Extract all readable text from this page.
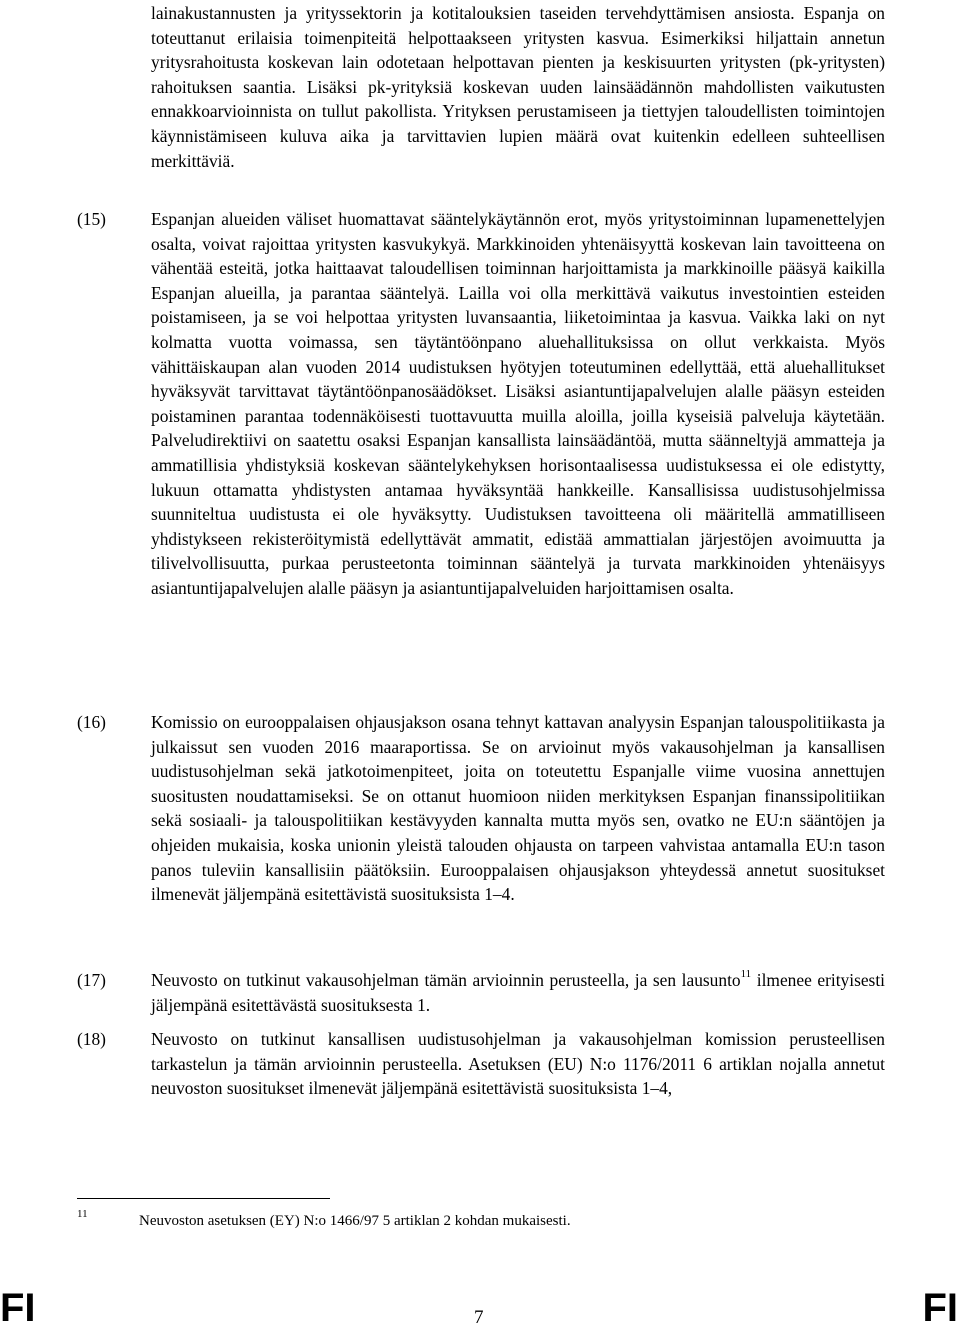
lainakustannusten ja yrityssektorin ja kotitalouksien taseiden tervehdyttämisen ansiosta. Espanja on toteuttanut erilaisia toimenpiteitä helpottaakseen yritysten kasvua. Esimerkiksi hiljattain annetun yritysrahoitusta koskevan lain odotetaan helpottavan pienten ja keskisuurten yritysten (pk-yritysten) rahoituksen saantia. Lisäksi pk-yrityksiä koskevan uuden lainsäädännön mahdollisten vaikutusten ennakkoarvioinnista on tullut pakollista. Yrityksen perustamiseen ja tiettyjen taloudellisten toimintojen käynnistämiseen kuluva aika ja tarvittavien lupien määrä ovat kuitenkin edelleen suhteellisen merkittäviä.

(15)	Espanjan alueiden väliset huomattavat sääntelykäytännön erot, myös yritystoiminnan lupamenettelyjen osalta, voivat rajoittaa yritysten kasvukykyä. Markkinoiden yhtenäisyyttä koskevan lain tavoitteena on vähentää esteitä, jotka haittaavat taloudellisen toiminnan harjoittamista ja markkinoille pääsyä kaikilla Espanjan alueilla, ja parantaa sääntelyä. Lailla voi olla merkittävä vaikutus investointien esteiden poistamiseen, ja se voi helpottaa yritysten luvansaantia, liiketoimintaa ja kasvua. Vaikka laki on nyt kolmatta vuotta voimassa, sen täytäntöönpano aluehallituksissa on ollut verkkaista. Myös vähittäiskaupan alan vuoden 2014 uudistuksen hyötyjen toteutuminen edellyttää, että aluehallitukset hyväksyvät tarvittavat täytäntöönpanosäädökset. Lisäksi asiantuntijapalvelujen alalle pääsyn esteiden poistaminen parantaa todennäköisesti tuottavuutta muilla aloilla, joilla kyseisiä palveluja käytetään. Palveludirektiivi on saatettu osaksi Espanjan kansallista lainsäädäntöä, mutta säänneltyjä ammatteja ja ammatillisia yhdistyksiä koskevan sääntelykehyksen horisontaalisessa uudistuksessa ei ole edistytty, lukuun ottamatta yhdistysten antamaa hyväksyntää hankkeille. Kansallisissa uudistusohjelmissa suunniteltua uudistusta ei ole hyväksytty. Uudistuksen tavoitteena oli määritellä ammatilliseen yhdistykseen rekisteröitymistä edellyttävät ammatit, edistää ammattialan järjestöjen avoimuutta ja tilivelvollisuutta, purkaa perusteetonta toiminnan sääntelyä ja turvata markkinoiden yhtenäisyys asiantuntijapalvelujen alalle pääsyn ja asiantuntijapalveluiden harjoittamisen osalta.

(16)	Komissio on eurooppalaisen ohjausjakson osana tehnyt kattavan analyysin Espanjan talouspolitiikasta ja julkaissut sen vuoden 2016 maaraportissa. Se on arvioinut myös vakausohjelman ja kansallisen uudistusohjelman sekä jatkotoimenpiteet, joita on toteutettu Espanjalle viime vuosina annettujen suositusten noudattamiseksi. Se on ottanut huomioon niiden merkityksen Espanjan finanssipolitiikan sekä sosiaali- ja talouspolitiikan kestävyyden kannalta mutta myös sen, ovatko ne EU:n sääntöjen ja ohjeiden mukaisia, koska unionin yleistä talouden ohjausta on tarpeen vahvistaa antamalla EU:n tason panos tuleviin kansallisiin päätöksiin. Eurooppalaisen ohjausjakson yhteydessä annetut suositukset ilmenevät jäljempänä esitettävistä suosituksista 1–4.

(17)	Neuvosto on tutkinut vakausohjelman tämän arvioinnin perusteella, ja sen lausunto$^{11}$ ilmenee erityisesti jäljempänä esitettävästä suosituksesta 1.

(18)	Neuvosto on tutkinut kansallisen uudistusohjelman ja vakausohjelman komission perusteellisen tarkastelun ja tämän arvioinnin perusteella. Asetuksen (EU) N:o 1176/2011 6 artiklan nojalla annetut neuvoston suositukset ilmenevät jäljempänä esitettävistä suosituksista 1–4,

11	Neuvoston asetuksen (EY) N:o 1466/97 5 artiklan 2 kohdan mukaisesti.
FI	7	FI
